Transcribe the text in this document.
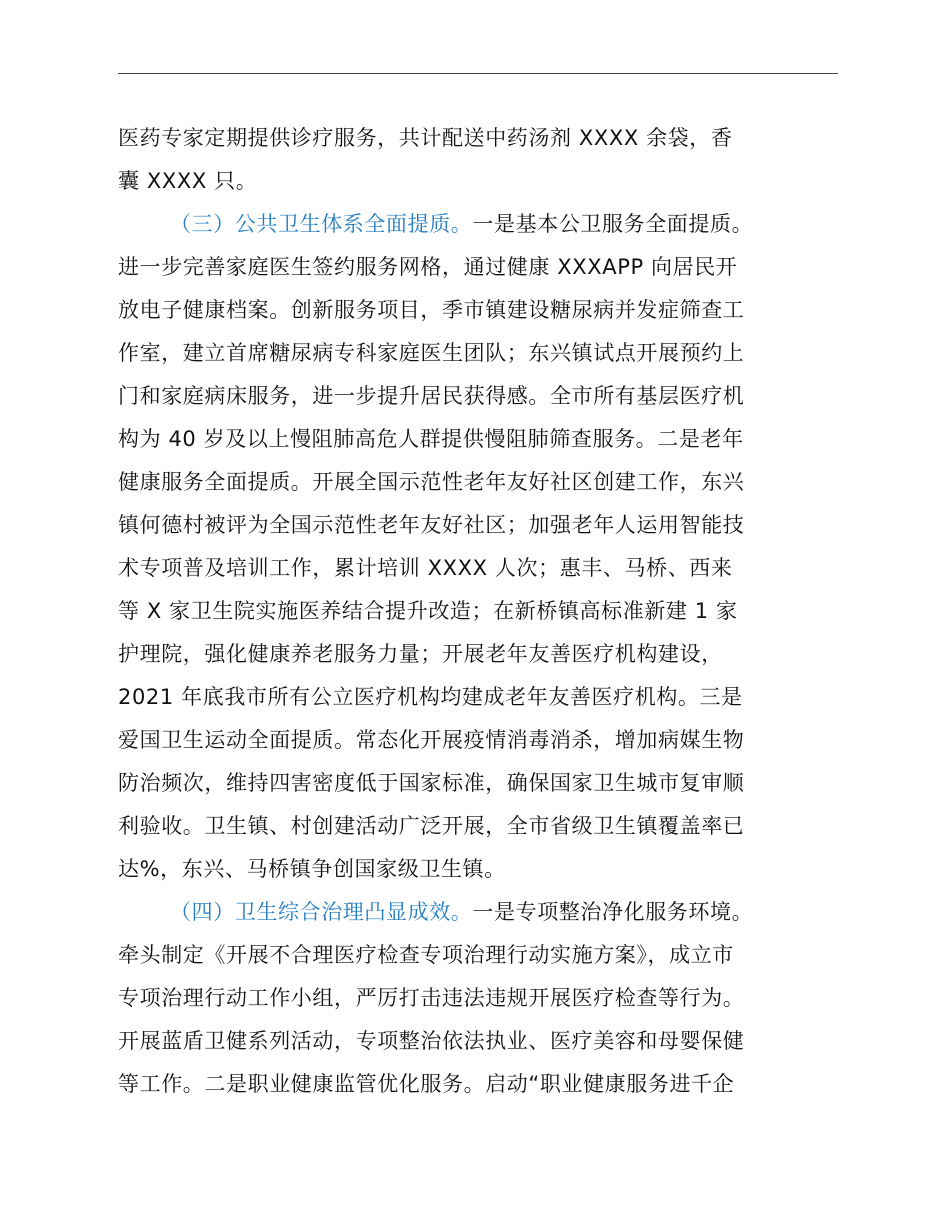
医药专家定期提供诊疗服务，共计配送中药汤剂 XXXX 余袋，香
囊 XXXX 只。
（三）公共卫生体系全面提质。一是基本公卫服务全面提质。
进一步完善家庭医生签约服务网格，通过健康 XXXAPP 向居民开
放电子健康档案。创新服务项目，季市镇建设糖尿病并发症筛查工
作室，建立首席糖尿病专科家庭医生团队；东兴镇试点开展预约上
门和家庭病床服务，进一步提升居民获得感。全市所有基层医疗机
构为 40 岁及以上慢阻肺高危人群提供慢阻肺筛查服务。二是老年
健康服务全面提质。开展全国示范性老年友好社区创建工作，东兴
镇何德村被评为全国示范性老年友好社区；加强老年人运用智能技
术专项普及培训工作，累计培训 XXXX 人次；惠丰、马桥、西来
等 X 家卫生院实施医养结合提升改造；在新桥镇高标准新建 1 家
护理院，强化健康养老服务力量；开展老年友善医疗机构建设，
2021 年底我市所有公立医疗机构均建成老年友善医疗机构。三是
爱国卫生运动全面提质。常态化开展疫情消毒消杀，增加病媒生物
防治频次，维持四害密度低于国家标准，确保国家卫生城市复审顺
利验收。卫生镇、村创建活动广泛开展，全市省级卫生镇覆盖率已
达%，东兴、马桥镇争创国家级卫生镇。
（四）卫生综合治理凸显成效。一是专项整治净化服务环境。
牵头制定《开展不合理医疗检查专项治理行动实施方案》，成立市
专项治理行动工作小组，严厉打击违法违规开展医疗检查等行为。
开展蓝盾卫健系列活动，专项整治依法执业、医疗美容和母婴保健
等工作。二是职业健康监管优化服务。启动“职业健康服务进千企
